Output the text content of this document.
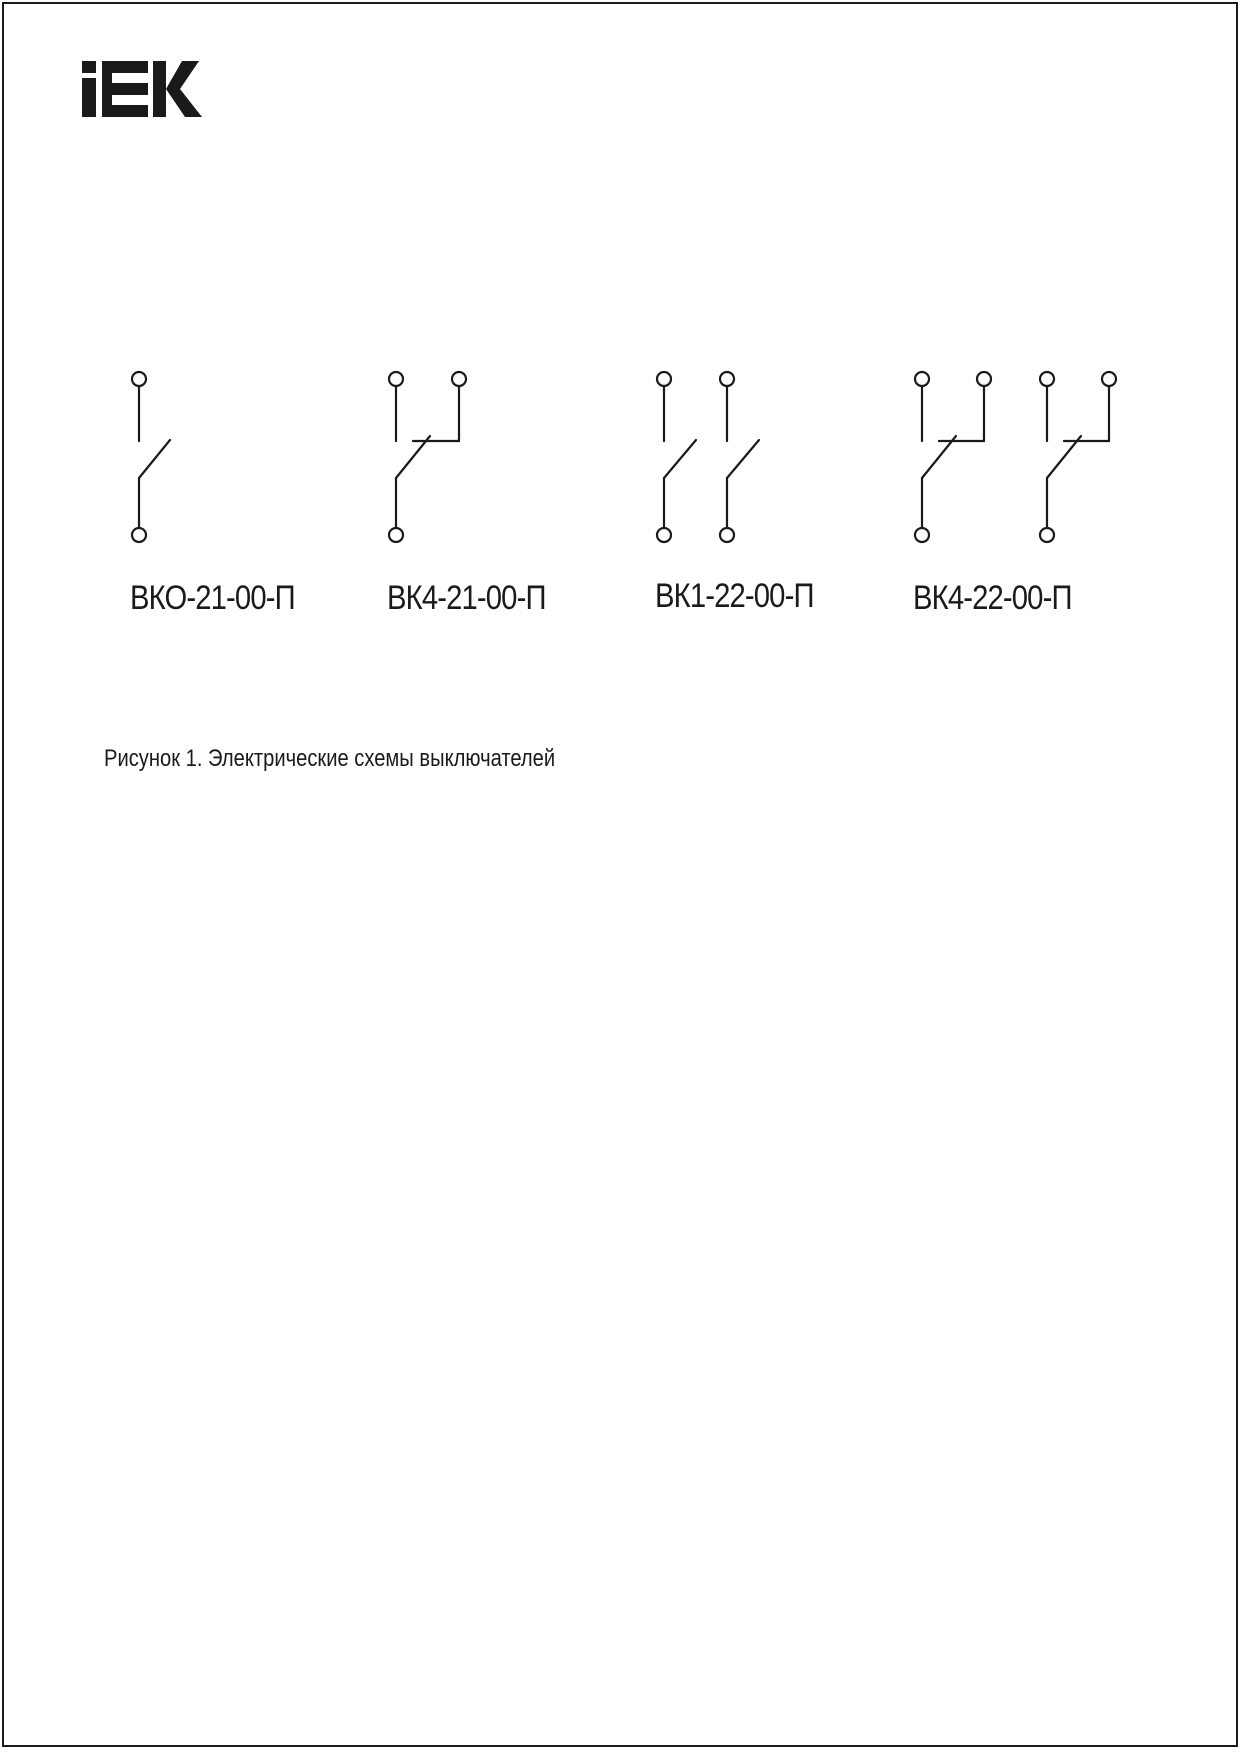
ВКО-21-00-П	ВК4-21-00-П	ВК1-22-00-П	ВК4-22-00-П
Рисунок 1. Электрические схемы выключателей
